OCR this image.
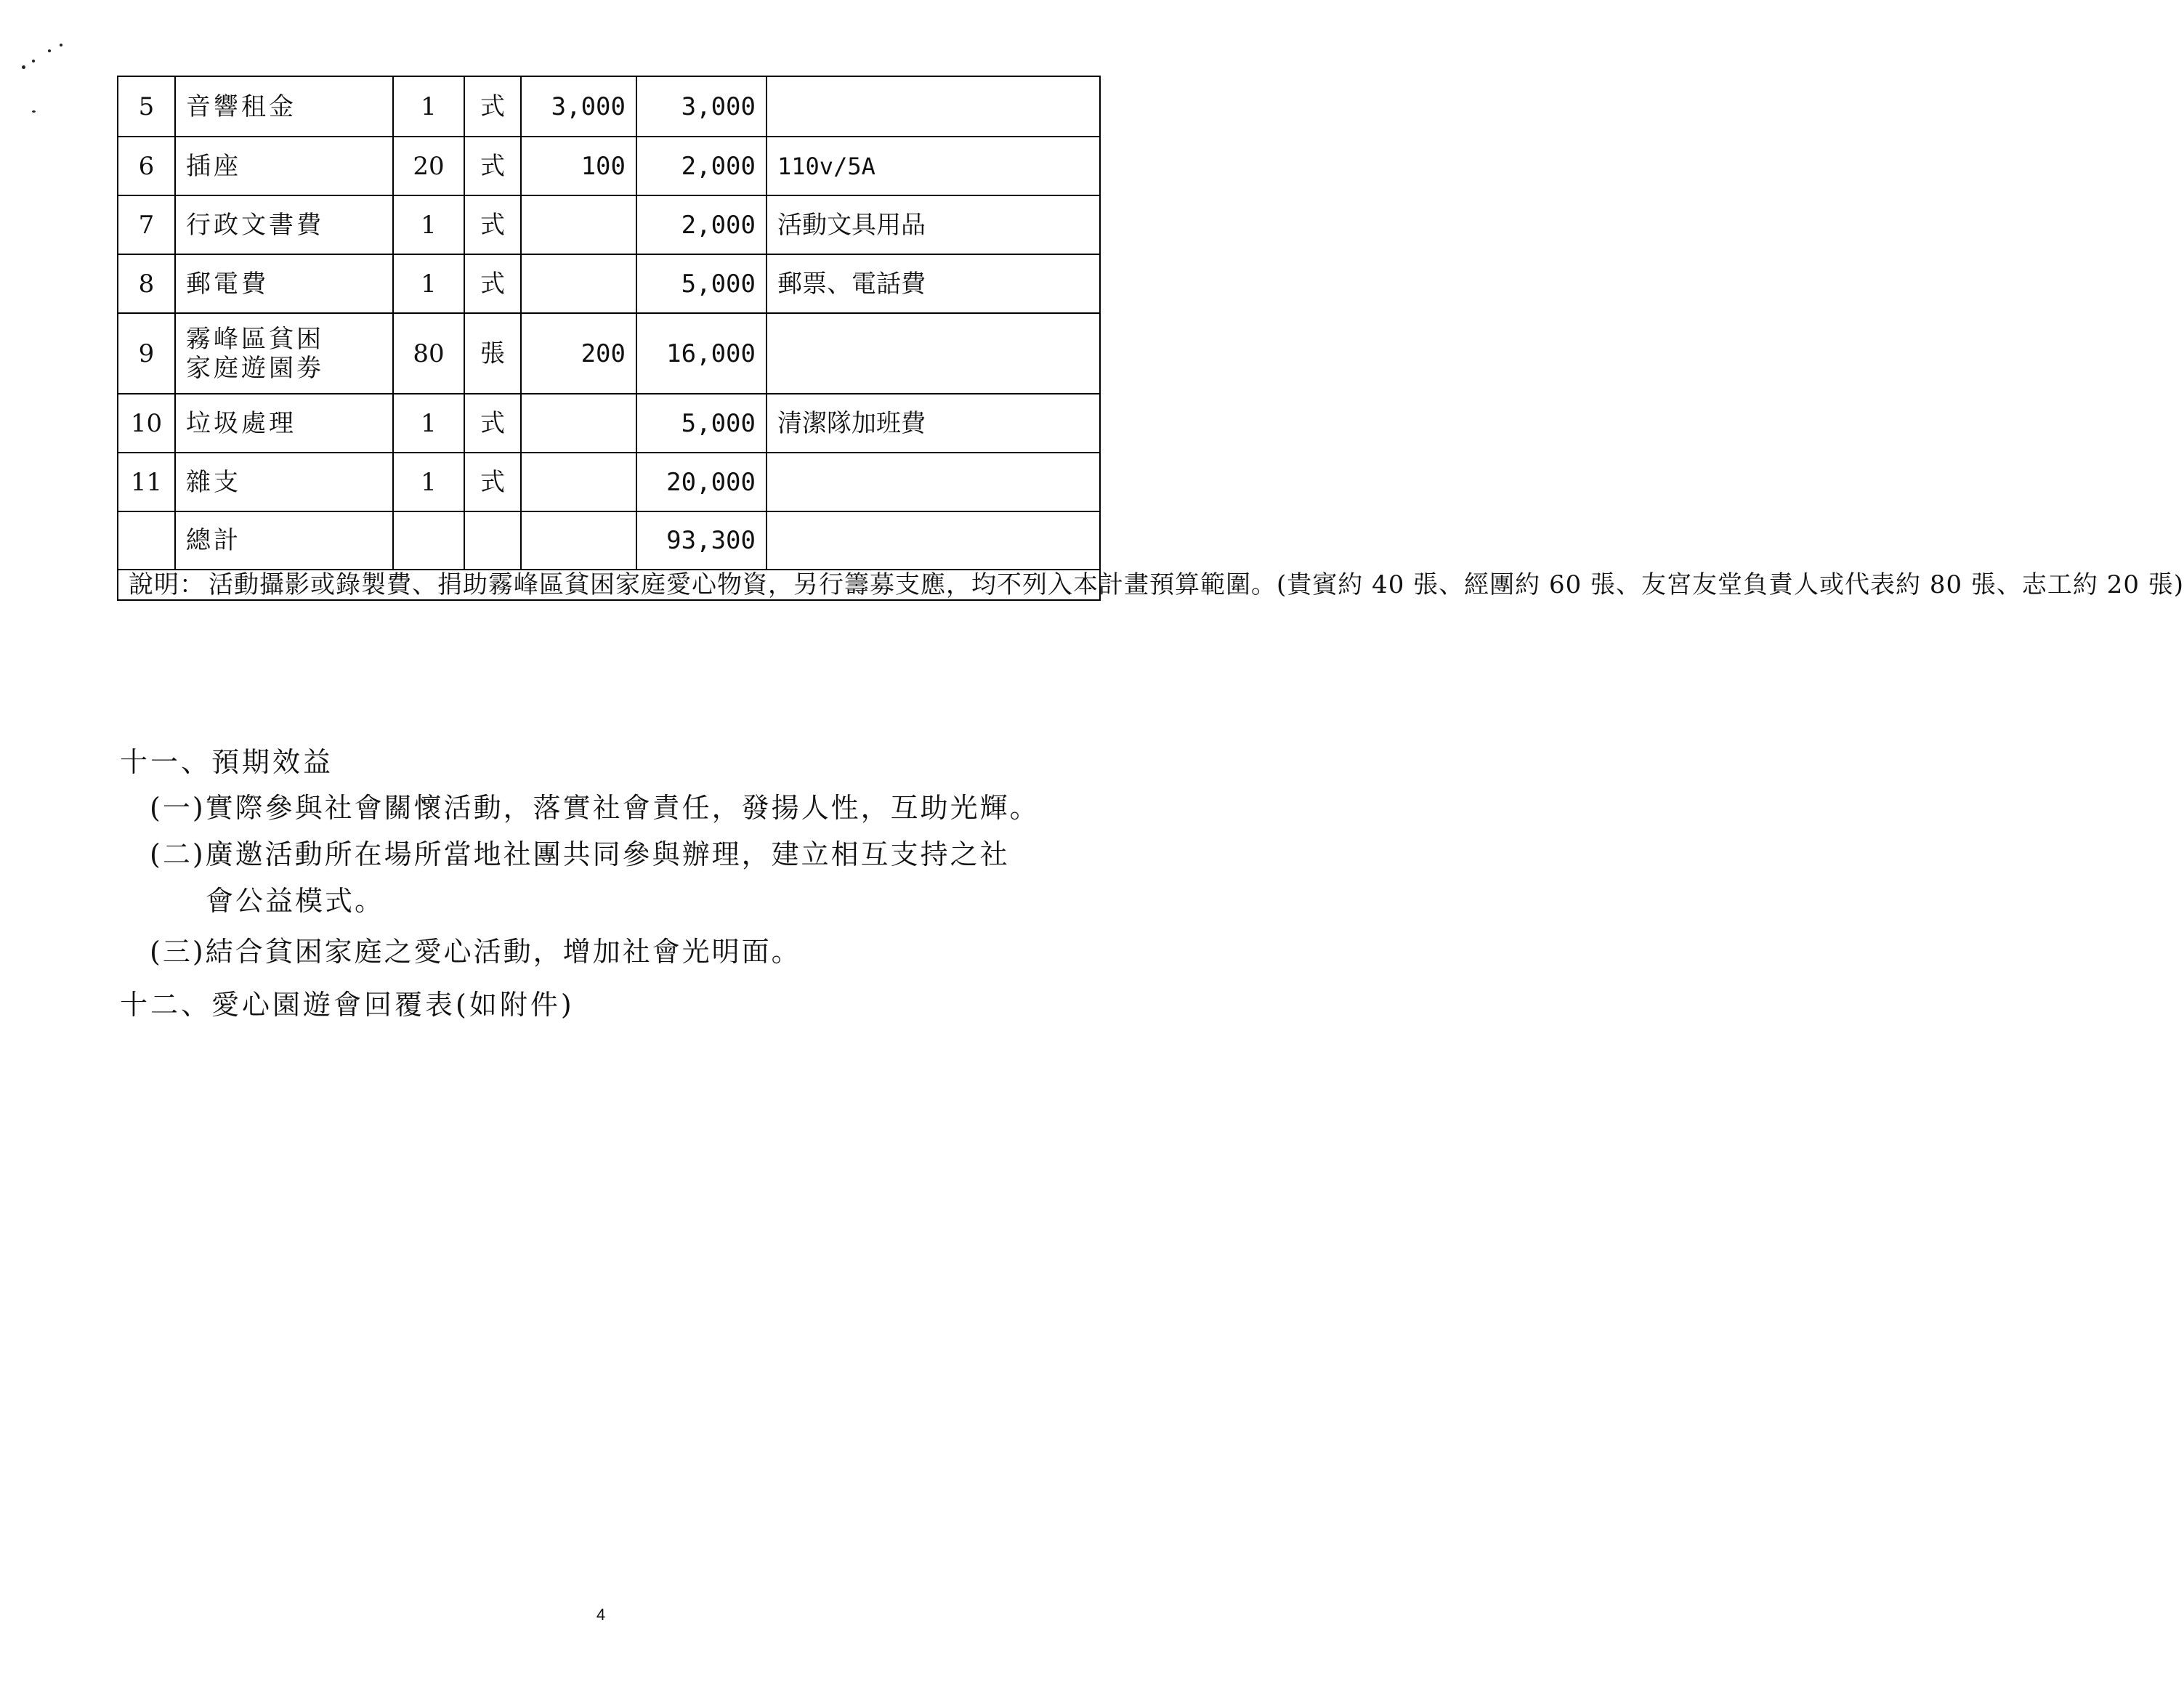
5	音響租金	1	式	3,000	3,000	
6	插座	20	式	100	2,000	110v/5A
7	行政文書費	1	式		2,000	活動文具用品
8	郵電費	1	式		5,000	郵票、電話費
9	霧峰區貧困家庭遊園劵	80	張	200	16,000	
10	垃圾處理	1	式		5,000	清潔隊加班費
11	雜支	1	式		20,000	
	總計				93,300	

說明： 活動攝影或錄製費、捐助霧峰區貧困家庭愛心物資，另行籌募支應，均不列入本計畫預算範圍。(貴賓約 40 張、經團約 60 張、友宮友堂負責人或代表約 80 張、志工約 20 張)						
十一、預期效益
(一)實際參與社會關懷活動，落實社會責任，發揚人性，互助光輝。
(二)廣邀活動所在場所當地社團共同參與辦理，建立相互支持之社
會公益模式。
(三)結合貧困家庭之愛心活動，增加社會光明面。
十二、愛心園遊會回覆表(如附件)
4
